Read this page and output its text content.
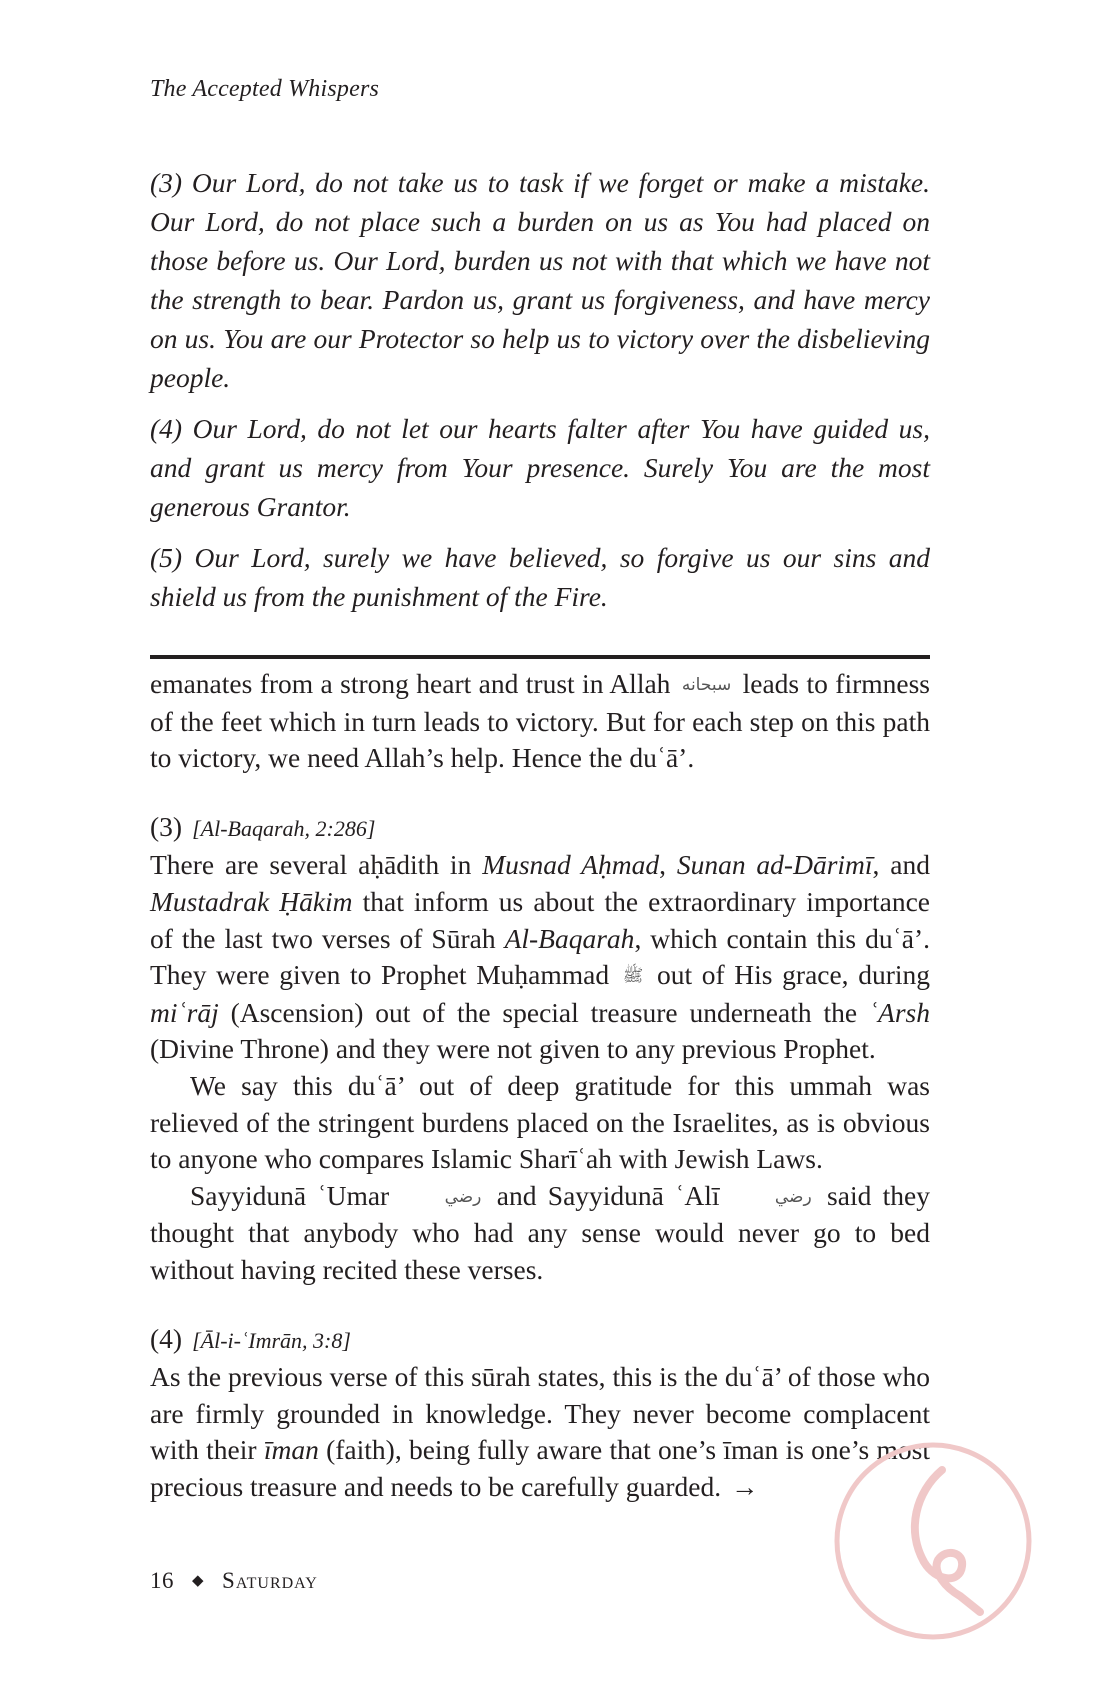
The Accepted Whispers

(3) Our Lord, do not take us to task if we forget or make a mistake. Our Lord, do not place such a burden on us as You had placed on those before us. Our Lord, burden us not with that which we have not the strength to bear. Pardon us, grant us forgiveness, and have mercy on us. You are our Protector so help us to victory over the disbelieving people.

(4) Our Lord, do not let our hearts falter after You have guided us, and grant us mercy from Your presence. Surely You are the most generous Grantor.

(5) Our Lord, surely we have believed, so forgive us our sins and shield us from the punishment of the Fire.

emanates from a strong heart and trust in Allah سبحانه leads to firmness of the feet which in turn leads to victory. But for each step on this path to victory, we need Allah’s help. Hence the duʿā’.

(3) [Al-Baqarah, 2:286]

There are several aḥādith in Musnad Aḥmad, Sunan ad-Dārimī, and Mustadrak Ḥākim that inform us about the extraordinary importance of the last two verses of Sūrah Al-Baqarah, which contain this duʿā’. They were given to Prophet Muḥammad ﷺ out of His grace, during miʿrāj (Ascension) out of the special treasure underneath the ʿArsh (Divine Throne) and they were not given to any previous Prophet.

We say this duʿā’ out of deep gratitude for this ummah was relieved of the stringent burdens placed on the Israelites, as is obvious to anyone who compares Islamic Sharīʿah with Jewish Laws.

Sayyidunā ʿUmar	رضي and Sayyidunā ʿAlī	رضي said they thought that anybody who had any sense would never go to bed without having recited these verses.

(4) [Āl-i-ʿImrān, 3:8]

As the previous verse of this sūrah states, this is the duʿā’ of those who are firmly grounded in knowledge. They never become complacent with their īman (faith), being fully aware that one’s īman is one’s most precious treasure and needs to be carefully guarded. →

16 ◆ Saturday
